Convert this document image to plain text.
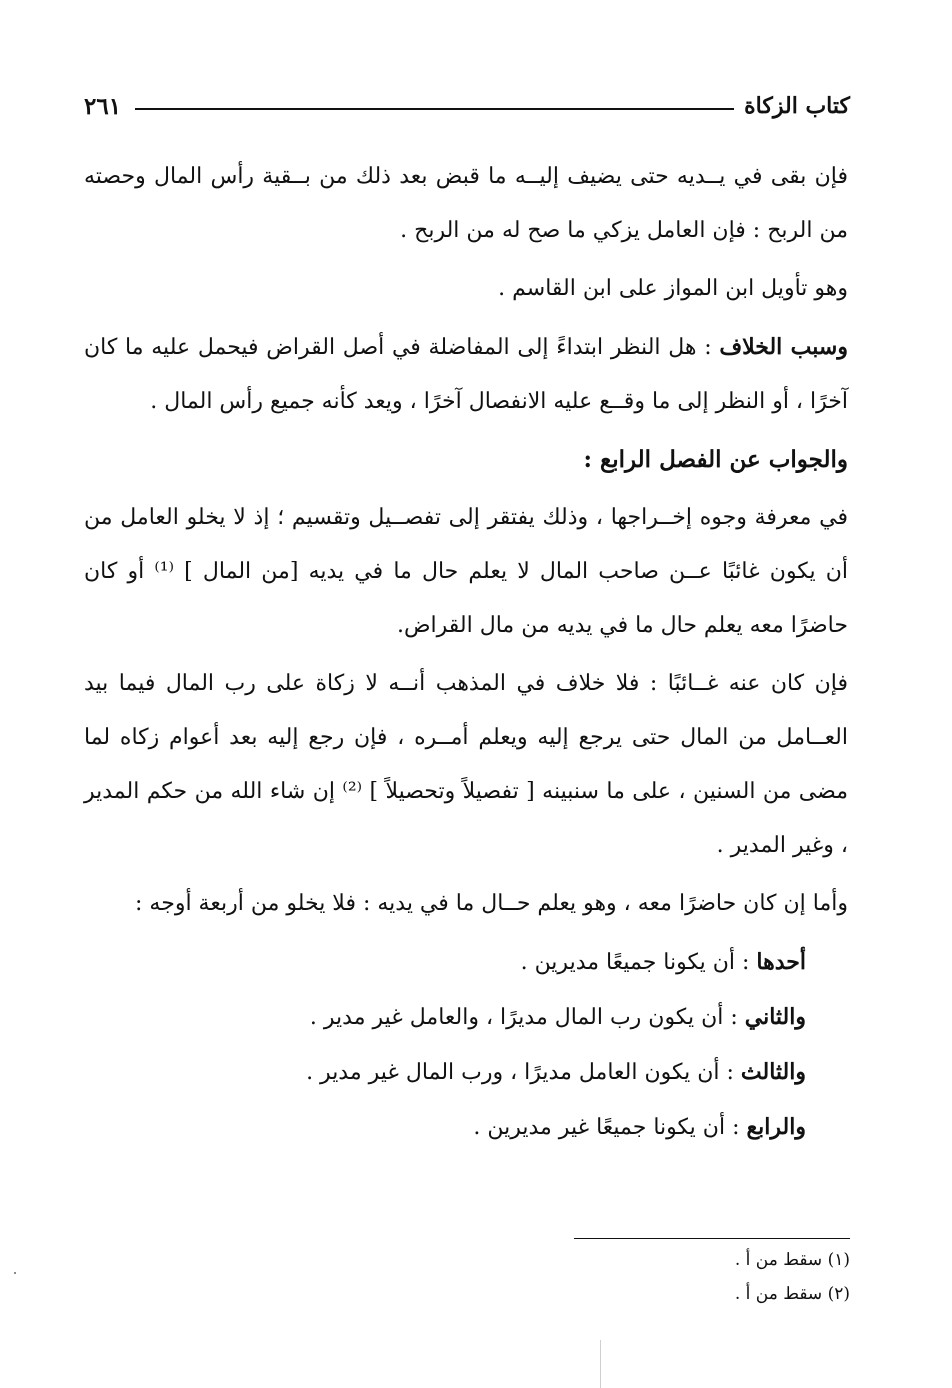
كتاب الزكاة
٢٦١

فإن بقى في يــديه حتى يضيف إليــه ما قبض بعد ذلك من بــقية رأس المال وحصته من الربح : فإن العامل يزكي ما صح له من الربح .

وهو تأويل ابن المواز على ابن القاسم .

وسبب الخلاف : هل النظر ابتداءً إلى المفاضلة في أصل القراض فيحمل عليه ما كان آخرًا ، أو النظر إلى ما وقــع عليه الانفصال آخرًا ، ويعد كأنه جميع رأس المال .

والجواب عن الفصل الرابع :

في معرفة وجوه إخــراجها ، وذلك يفتقر إلى تفصــيل وتقسيم ؛ إذ لا يخلو العامل من أن يكون غائبًا عــن صاحب المال لا يعلم حال ما في يديه [من المال ] ⁽¹⁾ أو كان حاضرًا معه يعلم حال ما في يديه من مال القراض.

فإن كان عنه غــائبًا : فلا خلاف في المذهب أنــه لا زكاة على رب المال فيما بيد العــامل من المال حتى يرجع إليه ويعلم أمــره ، فإن رجع إليه بعد أعوام زكاه لما مضى من السنين ، على ما سنبينه [ تفصيلاً وتحصيلاً ] ⁽²⁾ إن شاء الله من حكم المدير ، وغير المدير .

وأما إن كان حاضرًا معه ، وهو يعلم حــال ما في يديه : فلا يخلو من أربعة أوجه :

أحدها : أن يكونا جميعًا مديرين .

والثاني : أن يكون رب المال مديرًا ، والعامل غير مدير .

والثالث : أن يكون العامل مديرًا ، ورب المال غير مدير .

والرابع : أن يكونا جميعًا غير مديرين .

(١) سقط من أ .

(٢) سقط من أ .
